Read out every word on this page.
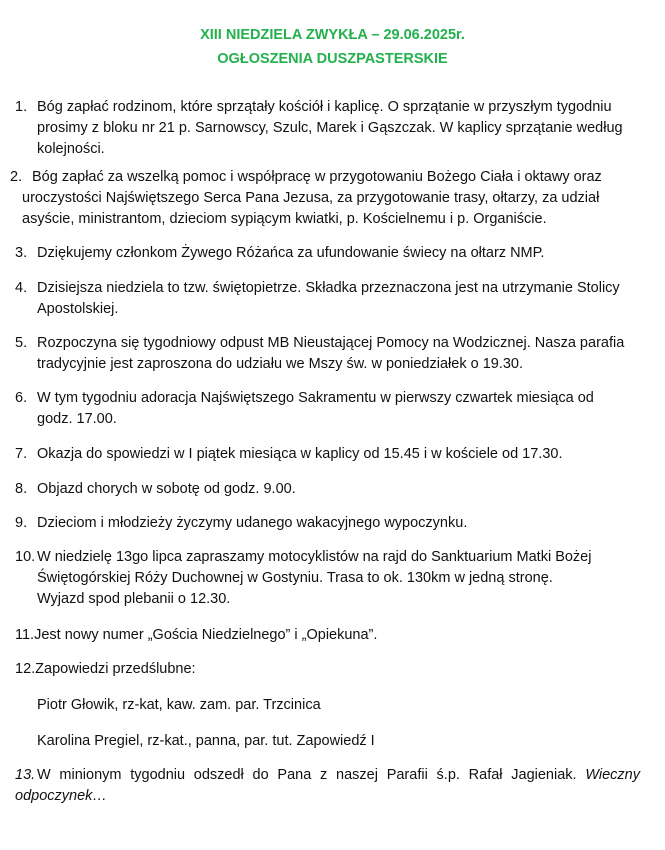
XIII NIEDZIELA ZWYKŁA – 29.06.2025r.
OGŁOSZENIA DUSZPASTERSKIE
1. Bóg zapłać rodzinom, które sprzątały kościół i kaplicę. O sprzątanie w przyszłym tygodniu
prosimy z bloku nr 21 p. Sarnowscy, Szulc, Marek i Gąszczak. W kaplicy sprzątanie według
kolejności.
2. Bóg zapłać za wszelką pomoc i współpracę w przygotowaniu Bożego Ciała i oktawy oraz
uroczystości Najświętszego Serca Pana Jezusa, za przygotowanie trasy, ołtarzy, za udział
asyście, ministrantom, dzieciom sypiącym kwiatki, p. Kościelnemu i p. Organiście.
3. Dziękujemy członkom Żywego Różańca za ufundowanie świecy na ołtarz NMP.
4. Dzisiejsza niedziela to tzw. świętopietrze. Składka przeznaczona jest na utrzymanie Stolicy
Apostolskiej.
5. Rozpoczyna się tygodniowy odpust MB Nieustającej Pomocy na Wodzicznej. Nasza parafia
tradycyjnie jest zaproszona do udziału we Mszy św. w poniedziałek o 19.30.
6. W tym tygodniu adoracja Najświętszego Sakramentu w pierwszy czwartek miesiąca od
godz. 17.00.
7. Okazja do spowiedzi w I piątek miesiąca w kaplicy od 15.45 i w kościele od 17.30.
8. Objazd chorych w sobotę od godz. 9.00.
9. Dzieciom i młodzieży życzymy udanego wakacyjnego wypoczynku.
10. W niedzielę 13go lipca zapraszamy motocyklistów na rajd do Sanktuarium Matki Bożej
Świętogórskiej Róży Duchownej w Gostyniu. Trasa to ok. 130km w jedną stronę.
Wyjazd spod plebanii o 12.30.
11.Jest nowy numer „Gościa Niedzielnego” i „Opiekuna”.
12.Zapowiedzi przedślubne:
Piotr Głowik, rz-kat, kaw. zam. par. Trzcinica
Karolina Pregiel, rz-kat., panna, par. tut. Zapowiedź I
13. W minionym tygodniu odszedł do Pana z naszej Parafii ś.p. Rafał Jagieniak. Wieczny
odpoczynek…
